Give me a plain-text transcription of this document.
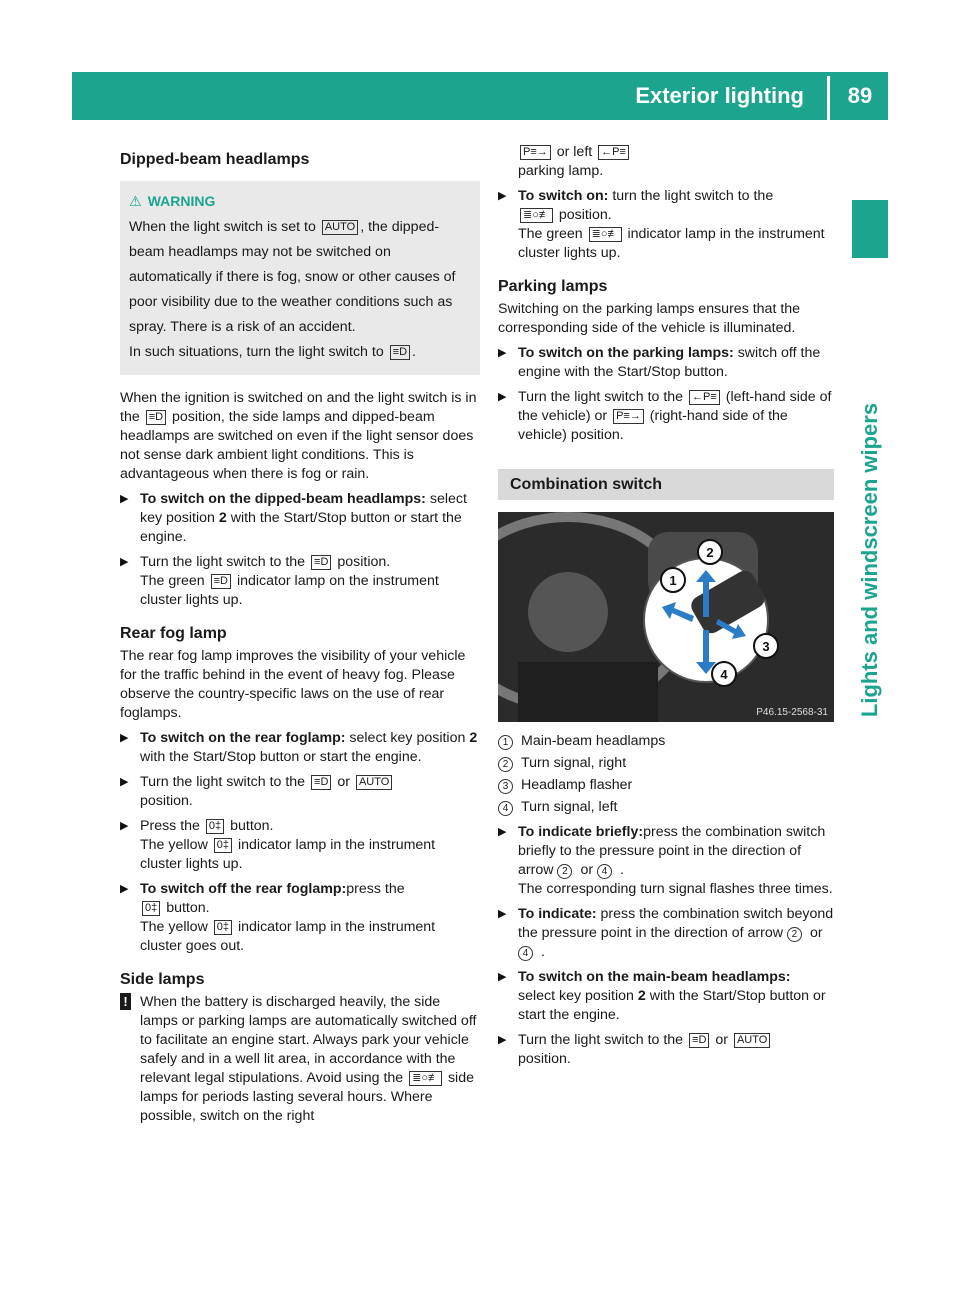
Exterior lighting	89
Lights and windscreen wipers
Dipped-beam headlamps
⚠ WARNING
When the light switch is set to AUTO , the dipped-beam headlamps may not be switched on automatically if there is fog, snow or other causes of poor visibility due to the weather conditions such as spray. There is a risk of an accident.
In such situations, turn the light switch to ≡D .

When the ignition is switched on and the light switch is in the ≡D position, the side lamps and dipped-beam headlamps are switched on even if the light sensor does not sense dark ambient light conditions. This is advantageous when there is fog or rain.

▶ To switch on the dipped-beam headlamps: select key position 2 with the Start/Stop button or start the engine.
▶ Turn the light switch to the ≡D position.
The green ≡D indicator lamp on the instrument cluster lights up.
Rear fog lamp

The rear fog lamp improves the visibility of your vehicle for the traffic behind in the event of heavy fog. Please observe the country-specific laws on the use of rear foglamps.

▶ To switch on the rear foglamp: select key position 2 with the Start/Stop button or start the engine.
▶ Turn the light switch to the ≡D or AUTO
position.
▶ Press the 0‡ button.
The yellow 0‡ indicator lamp in the instrument cluster lights up.
▶ To switch off the rear foglamp:press the
0‡ button.
The yellow 0‡ indicator lamp in the instrument cluster goes out.
Side lamps
! When the battery is discharged heavily, the side lamps or parking lamps are automatically switched off to facilitate an engine start. Always park your vehicle safely and in a well lit area, in accordance with the relevant legal stipulations. Avoid using the ≣○≢ side lamps for periods lasting several hours. Where possible, switch on the right

P≡→ or left ←P≡
parking lamp.

▶ To switch on: turn the light switch to the
≣○≢ position.
The green ≣○≢ indicator lamp in the instrument cluster lights up.
Parking lamps

Switching on the parking lamps ensures that the corresponding side of the vehicle is illuminated.

▶ To switch on the parking lamps: switch off the engine with the Start/Stop button.
▶ Turn the light switch to the ←P≡ (left-hand side of the vehicle) or P≡→ (right-hand side of the vehicle) position.
Combination switch
1
2
3
4
P46.15-2568-31
1 Main-beam headlamps
2 Turn signal, right
3 Headlamp flasher
4 Turn signal, left
▶ To indicate briefly:press the combination switch briefly to the pressure point in the direction of arrow 2 or 4 .
The corresponding turn signal flashes three times.
▶ To indicate: press the combination switch beyond the pressure point in the direction of arrow 2 or 4 .
▶ To switch on the main-beam headlamps:
select key position 2 with the Start/Stop button or start the engine.
▶ Turn the light switch to the ≡D or AUTO
position.
